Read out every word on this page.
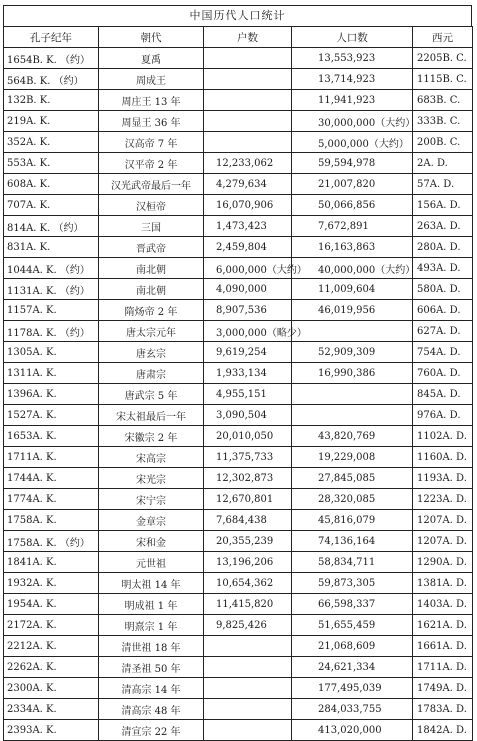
中国历代人口统计
孔子纪年	朝代	户数	人口数	西元
1654B. K. （约）	夏禹		13,553,923	2205B. C.
564B. K. （约）	周成王		13,714,923	1115B. C.
132B. K.	周庄王 13 年		11,941,923	683B. C.
219A. K.	周显王 36 年		30,000,000（大约）	333B. C.
352A. K.	汉高帝 7 年		5,000,000（大约）	200B. C.
553A. K.	汉平帝 2 年	12,233,062	59,594,978	2A. D.
608A. K.	汉光武帝最后一年	4,279,634	21,007,820	57A. D.
707A. K.	汉桓帝	16,070,906	50,066,856	156A. D.
814A. K. （约）	三国	1,473,423	7,672,891	263A. D.
831A. K.	晋武帝	2,459,804	16,163,863	280A. D.
1044A. K. （约）	南北朝	6,000,000（大约）	40,000,000（大约）	493A. D.
1131A. K. （约）	南北朝	4,090,000	11,009,604	580A. D.
1157A. K.	隋炀帝 2 年	8,907,536	46,019,956	606A. D.
1178A. K. （约）	唐太宗元年	3,000,000（略少）		627A. D.
1305A. K.	唐玄宗	9,619,254	52,909,309	754A. D.
1311A. K.	唐肃宗	1,933,134	16,990,386	760A. D.
1396A. K.	唐武宗 5 年	4,955,151		845A. D.
1527A. K.	宋太祖最后一年	3,090,504		976A. D.
1653A. K.	宋徽宗 2 年	20,010,050	43,820,769	1102A. D.
1711A. K.	宋高宗	11,375,733	19,229,008	1160A. D.
1744A. K.	宋光宗	12,302,873	27,845,085	1193A. D.
1774A. K.	宋宁宗	12,670,801	28,320,085	1223A. D.
1758A. K.	金章宗	7,684,438	45,816,079	1207A. D.
1758A. K. （约）	宋和金	20,355,239	74,136,164	1207A. D.
1841A. K.	元世祖	13,196,206	58,834,711	1290A. D.
1932A. K.	明太祖 14 年	10,654,362	59,873,305	1381A. D.
1954A. K.	明成祖 1 年	11,415,820	66,598,337	1403A. D.
2172A. K.	明熹宗 1 年	9,825,426	51,655,459	1621A. D.
2212A. K.	清世祖 18 年		21,068,609	1661A. D.
2262A. K.	清圣祖 50 年		24,621,334	1711A. D.
2300A. K.	清高宗 14 年		177,495,039	1749A. D.
2334A. K.	清高宗 48 年		284,033,755	1783A. D.
2393A. K.	清宣宗 22 年		413,020,000	1842A. D.
